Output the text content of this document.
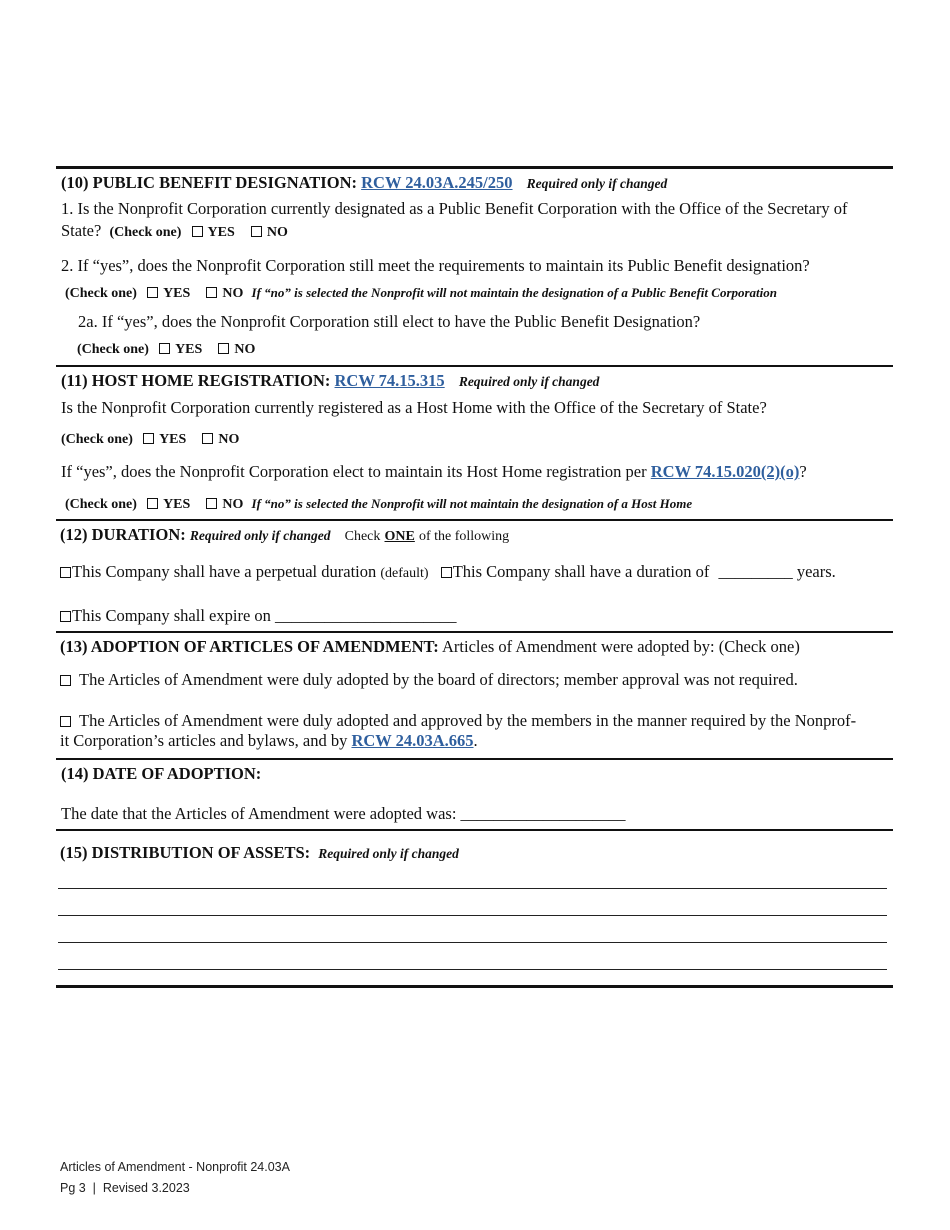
(10) PUBLIC BENEFIT DESIGNATION: RCW 24.03A.245/250 Required only if changed
1. Is the Nonprofit Corporation currently designated as a Public Benefit Corporation with the Office of the Secretary of
State? (Check one) YES NO
2. If “yes”, does the Nonprofit Corporation still meet the requirements to maintain its Public Benefit designation?
(Check one) YES NO If “no” is selected the Nonprofit will not maintain the designation of a Public Benefit Corporation
2a. If “yes”, does the Nonprofit Corporation still elect to have the Public Benefit Designation?
(Check one) YES NO
(11) HOST HOME REGISTRATION: RCW 74.15.315 Required only if changed
Is the Nonprofit Corporation currently registered as a Host Home with the Office of the Secretary of State?
(Check one) YES NO
If “yes”, does the Nonprofit Corporation elect to maintain its Host Home registration per RCW 74.15.020(2)(o)?
(Check one) YES NO If “no” is selected the Nonprofit will not maintain the designation of a Host Home
(12) DURATION: Required only if changed Check ONE of the following
This Company shall have a perpetual duration (default) This Company shall have a duration of _________ years.
This Company shall expire on ______________________
(13) ADOPTION OF ARTICLES OF AMENDMENT: Articles of Amendment were adopted by: (Check one)
The Articles of Amendment were duly adopted by the board of directors; member approval was not required.
The Articles of Amendment were duly adopted and approved by the members in the manner required by the Nonprof-
it Corporation’s articles and bylaws, and by RCW 24.03A.665.
(14) DATE OF ADOPTION:
The date that the Articles of Amendment were adopted was: ____________________
(15) DISTRIBUTION OF ASSETS: Required only if changed
Articles of Amendment - Nonprofit 24.03A
Pg 3  |  Revised 3.2023
